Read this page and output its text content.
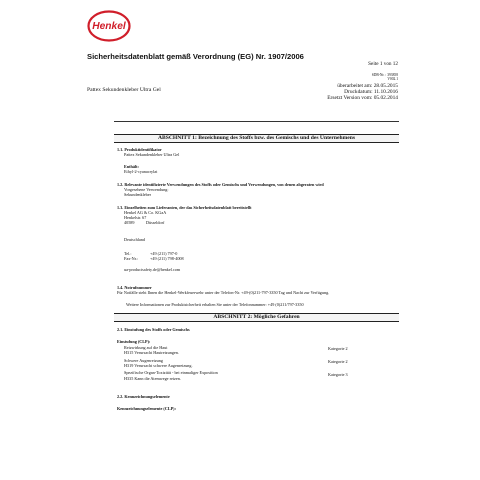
Henkel
Sicherheitsdatenblatt gemäß Verordnung (EG) Nr. 1907/2006
Seite 1 von 12
SDB-Nr. : 393858
V002.1
überarbeitet am: 28.05.2015
Druckdatum: 11.10.2016
Ersetzt Version vom: 05.02.2014
Pattex Sekundenkleber Ultra Gel
ABSCHNITT 1: Bezeichnung des Stoffs bzw. des Gemischs und des Unternehmens
1.1. Produktidentifikator
Pattex Sekundenkleber Ultra Gel
Enthält:
Ethyl-2-cyanacrylat
1.2. Relevante identifizierte Verwendungen des Stoffs oder Gemischs und Verwendungen, von denen abgeraten wird
Vorgesehene Verwendung:
Sekundenkleber
1.3. Einzelheiten zum Lieferanten, der das Sicherheitsdatenblatt bereitstellt
Henkel AG & Co. KGaA
Henkelstr. 67
40589	Düsseldorf
Deutschland
Tel.:	+49 (211) 797-0
Fax-Nr.:	+49 (211) 798-4008
ua-productsafety.de@henkel.com
1.4. Notrufnummer
Für Notfälle steht Ihnen die Henkel-Werkfeuerwehr unter der Telefon-Nr. +49-(0)211-797-3350 Tag und Nacht zur Verfügung.
Weitere Informationen zur Produktsicherheit erhalten Sie unter der Telefonnummer: +49 (0)211/797-3350
ABSCHNITT 2: Mögliche Gefahren
2.1. Einstufung des Stoffs oder Gemischs
Einstufung (CLP):
Reizwirkung auf die Haut	Kategorie 2
H315 Verursacht Hautreizungen.
Schwere Augenreizung	Kategorie 2
H319 Verursacht schwere Augenreizung.
Spezifische Organ-Toxizität - bei einmaliger Exposition	Kategorie 3
H335 Kann die Atemwege reizen.
2.2. Kennzeichnungselemente
Kennzeichnungselemente (CLP):
